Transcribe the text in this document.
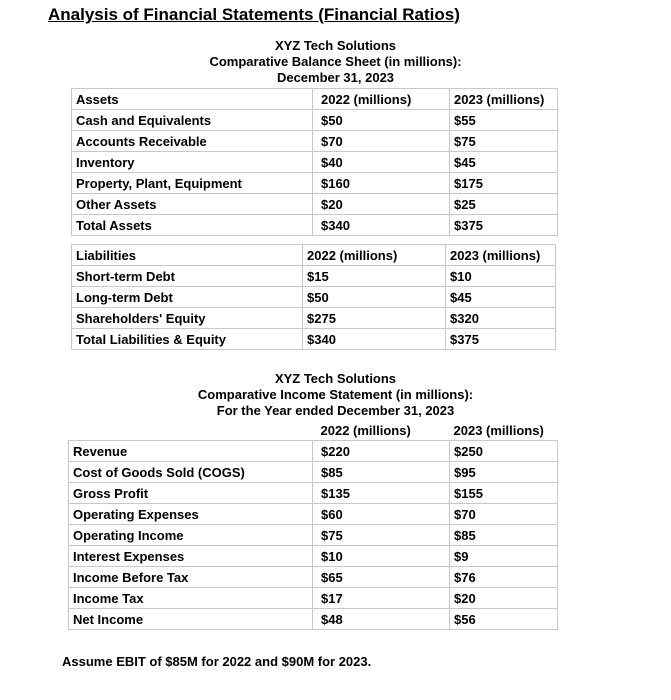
Analysis of Financial Statements (Financial Ratios)
XYZ Tech Solutions
Comparative Balance Sheet (in millions):
December 31, 2023
Assets	2022 (millions)	2023 (millions)
Cash and Equivalents	$50	$55
Accounts Receivable	$70	$75
Inventory	$40	$45
Property, Plant, Equipment	$160	$175
Other Assets	$20	$25
Total Assets	$340	$375
Liabilities	2022 (millions)	2023 (millions)
Short-term Debt	$15	$10
Long-term Debt	$50	$45
Shareholders' Equity	$275	$320
Total Liabilities & Equity	$340	$375
XYZ Tech Solutions
Comparative Income Statement (in millions):
For the Year ended December 31, 2023
	2022 (millions)	2023 (millions)
Revenue	$220	$250
Cost of Goods Sold (COGS)	$85	$95
Gross Profit	$135	$155
Operating Expenses	$60	$70
Operating Income	$75	$85
Interest Expenses	$10	$9
Income Before Tax	$65	$76
Income Tax	$17	$20
Net Income	$48	$56
Assume EBIT of $85M for 2022 and $90M for 2023.
